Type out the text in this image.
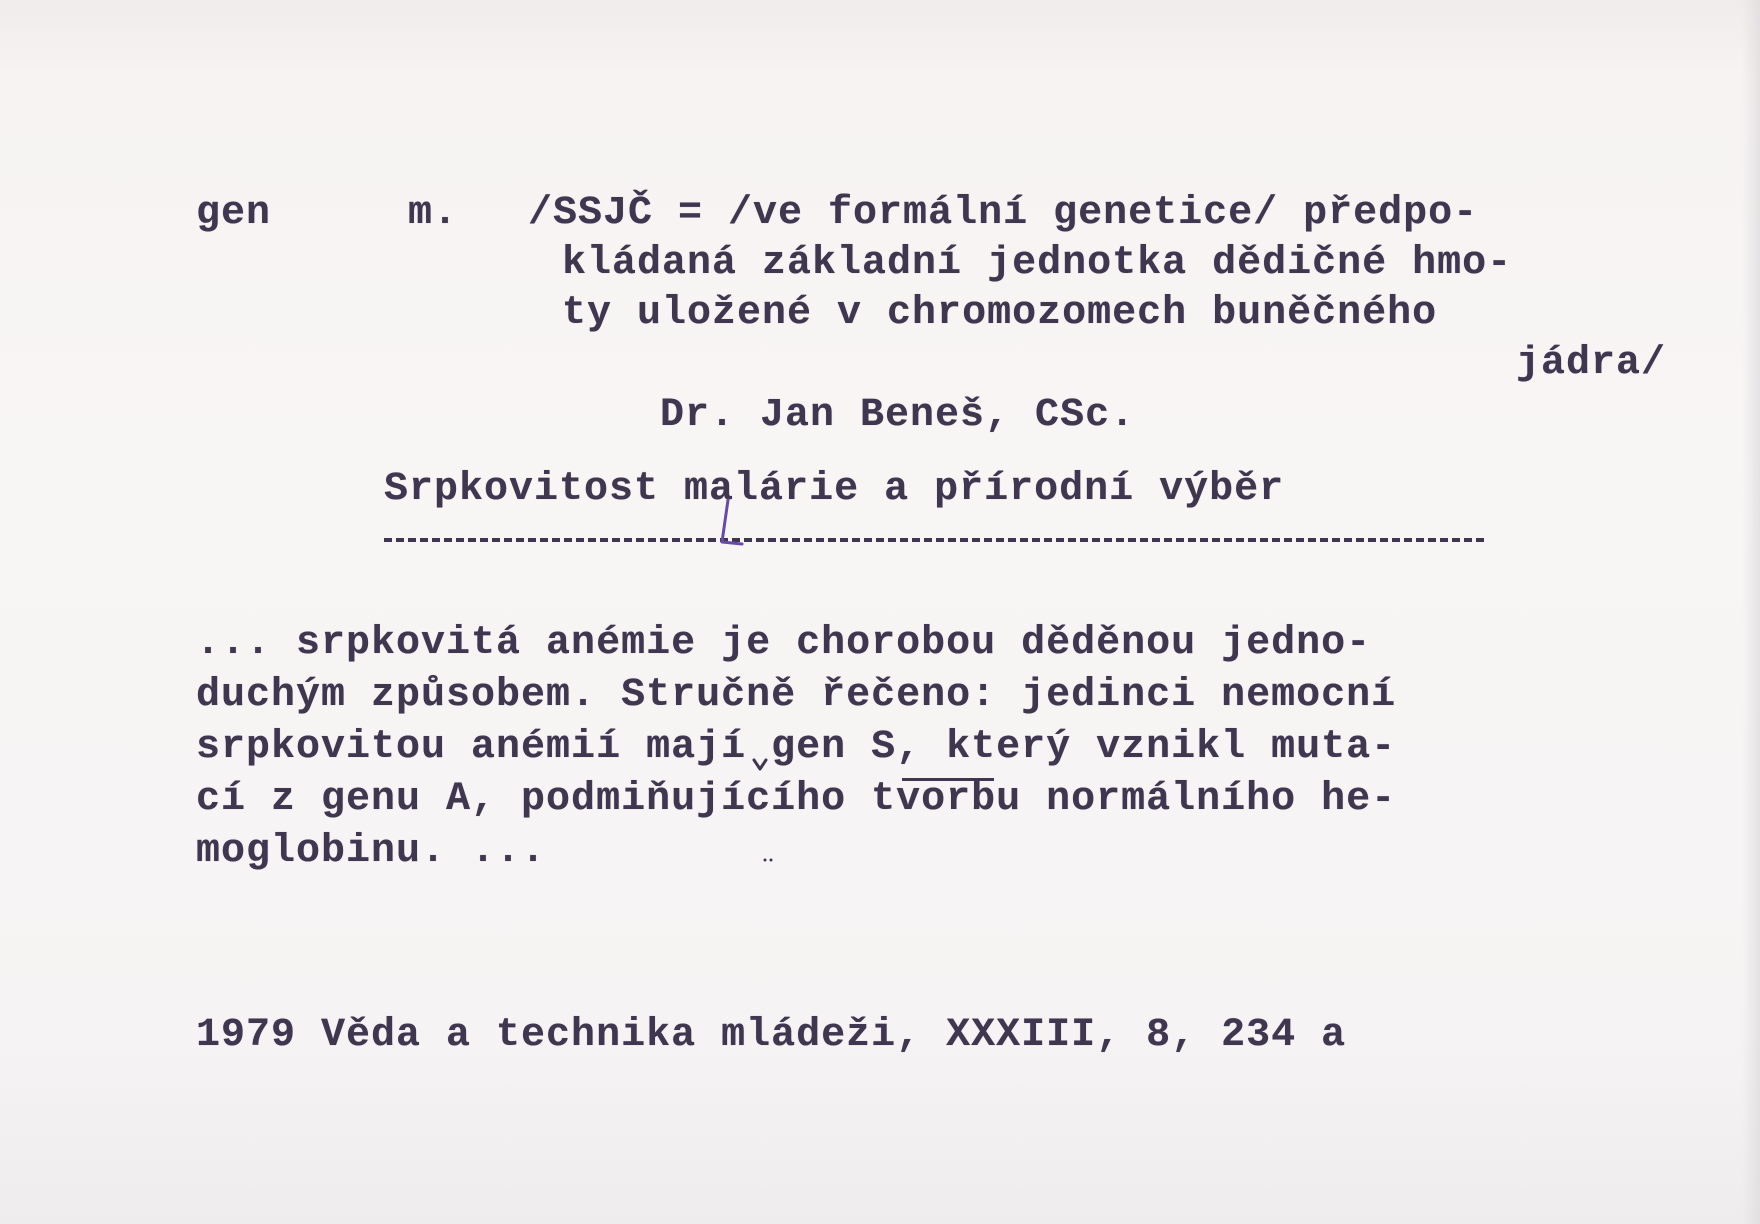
gen	m. /SSJČ = /ve formální genetice/ předpo-
kládaná základní jednotka dědičné hmo-
ty uložené v chromozomech buněčného
jádra/
Dr. Jan Beneš, CSc.
Srpkovitost malárie a přírodní výběr
... srpkovitá anémie je chorobou děděnou jedno-
duchým způsobem. Stručně řečeno: jedinci nemocní
srpkovitou anémií mají gen S, který vznikl muta-
cí z genu A, podmiňujícího tvorbu normálního he-
moglobinu. ...
1979 Věda a technika mládeži, XXXIII, 8, 234 a
